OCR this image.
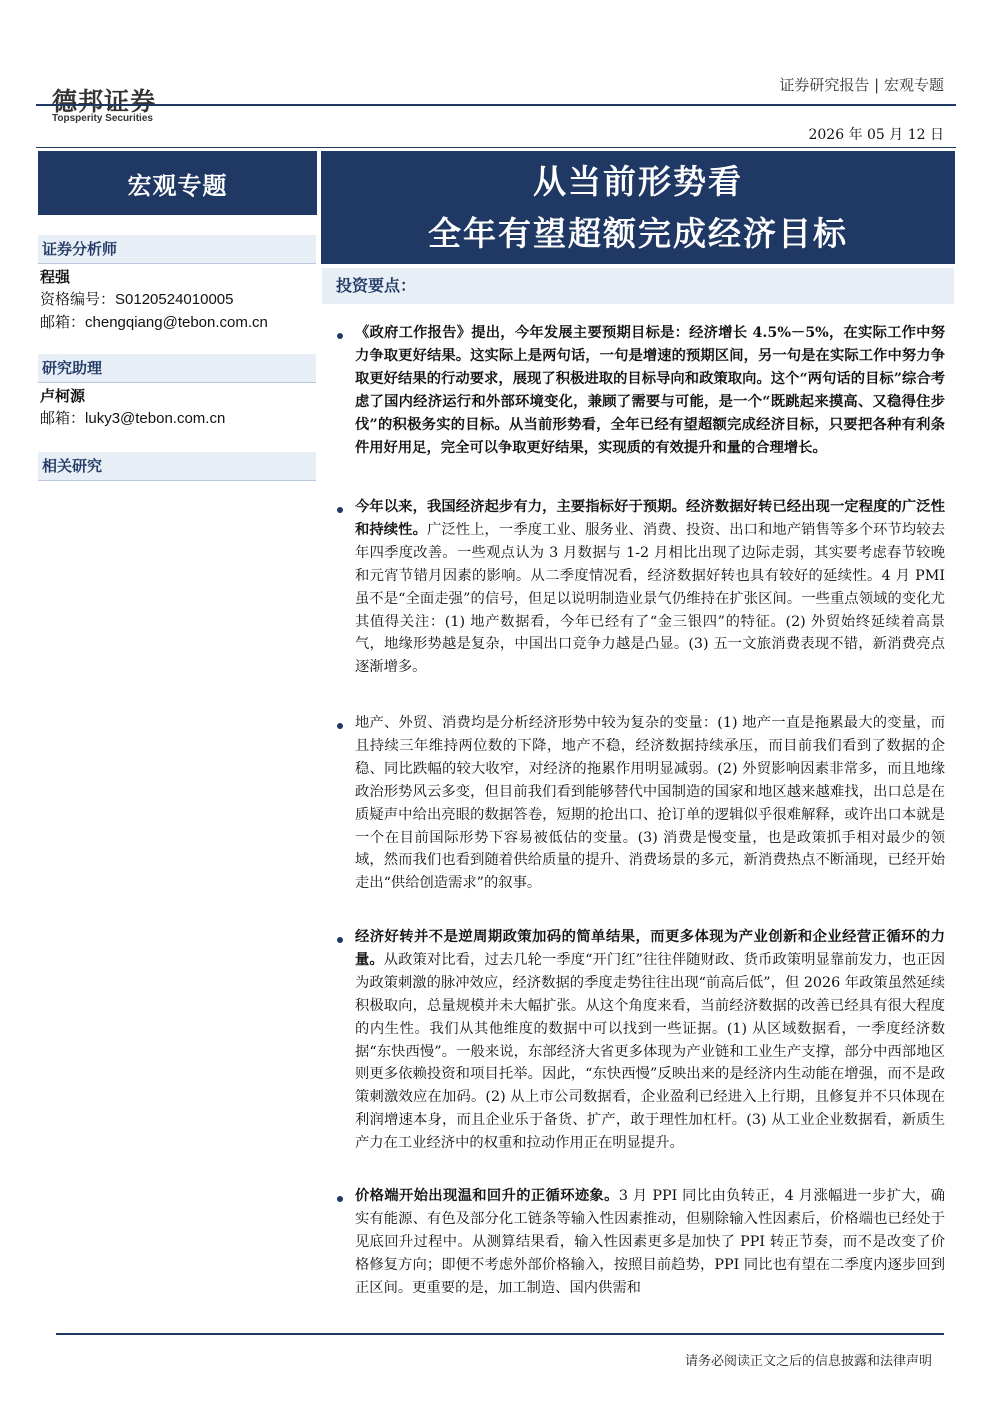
德邦证券
Topsperity Securities
证券研究报告 | 宏观专题
2026 年 05 月 12 日
宏观专题	从当前形势看
全年有望超额完成经济目标
证券分析师
程强
资格编号：S0120524010005
邮箱：chengqiang@tebon.com.cn
研究助理
卢柯源
邮箱：luky3@tebon.com.cn
相关研究
投资要点：

《政府工作报告》提出，今年发展主要预期目标是：经济增长 4.5%－5%，在实际工作中努力争取更好结果。这实际上是两句话，一句是增速的预期区间，另一句是在实际工作中努力争取更好结果的行动要求，展现了积极进取的目标导向和政策取向。这个“两句话的目标”综合考虑了国内经济运行和外部环境变化，兼顾了需要与可能，是一个“既跳起来摸高、又稳得住步伐”的积极务实的目标。从当前形势看，全年已经有望超额完成经济目标，只要把各种有利条件用好用足，完全可以争取更好结果，实现质的有效提升和量的合理增长。

今年以来，我国经济起步有力，主要指标好于预期。经济数据好转已经出现一定程度的广泛性和持续性。广泛性上，一季度工业、服务业、消费、投资、出口和地产销售等多个环节均较去年四季度改善。一些观点认为 3 月数据与 1-2 月相比出现了边际走弱，其实要考虑春节较晚和元宵节错月因素的影响。从二季度情况看，经济数据好转也具有较好的延续性。4 月 PMI 虽不是“全面走强”的信号，但足以说明制造业景气仍维持在扩张区间。一些重点领域的变化尤其值得关注：(1) 地产数据看，今年已经有了“金三银四”的特征。(2) 外贸始终延续着高景气，地缘形势越是复杂，中国出口竞争力越是凸显。(3) 五一文旅消费表现不错，新消费亮点逐渐增多。

地产、外贸、消费均是分析经济形势中较为复杂的变量：(1) 地产一直是拖累最大的变量，而且持续三年维持两位数的下降，地产不稳，经济数据持续承压，而目前我们看到了数据的企稳、同比跌幅的较大收窄，对经济的拖累作用明显减弱。(2) 外贸影响因素非常多，而且地缘政治形势风云多变，但目前我们看到能够替代中国制造的国家和地区越来越难找，出口总是在质疑声中给出亮眼的数据答卷，短期的抢出口、抢订单的逻辑似乎很难解释，或许出口本就是一个在目前国际形势下容易被低估的变量。(3) 消费是慢变量，也是政策抓手相对最少的领域，然而我们也看到随着供给质量的提升、消费场景的多元，新消费热点不断涌现，已经开始走出“供给创造需求”的叙事。

经济好转并不是逆周期政策加码的简单结果，而更多体现为产业创新和企业经营正循环的力量。从政策对比看，过去几轮一季度“开门红”往往伴随财政、货币政策明显靠前发力，也正因为政策刺激的脉冲效应，经济数据的季度走势往往出现“前高后低”，但 2026 年政策虽然延续积极取向，总量规模并未大幅扩张。从这个角度来看，当前经济数据的改善已经具有很大程度的内生性。我们从其他维度的数据中可以找到一些证据。(1) 从区域数据看，一季度经济数据“东快西慢”。一般来说，东部经济大省更多体现为产业链和工业生产支撑，部分中西部地区则更多依赖投资和项目托举。因此，“东快西慢”反映出来的是经济内生动能在增强，而不是政策刺激效应在加码。(2) 从上市公司数据看，企业盈利已经进入上行期，且修复并不只体现在利润增速本身，而且企业乐于备货、扩产，敢于理性加杠杆。(3) 从工业企业数据看，新质生产力在工业经济中的权重和拉动作用正在明显提升。

价格端开始出现温和回升的正循环迹象。3 月 PPI 同比由负转正，4 月涨幅进一步扩大，确实有能源、有色及部分化工链条等输入性因素推动，但剔除输入性因素后，价格端也已经处于见底回升过程中。从测算结果看，输入性因素更多是加快了 PPI 转正节奏，而不是改变了价格修复方向；即便不考虑外部价格输入，按照目前趋势，PPI 同比也有望在二季度内逐步回到正区间。更重要的是，加工制造、国内供需和

请务必阅读正文之后的信息披露和法律声明
